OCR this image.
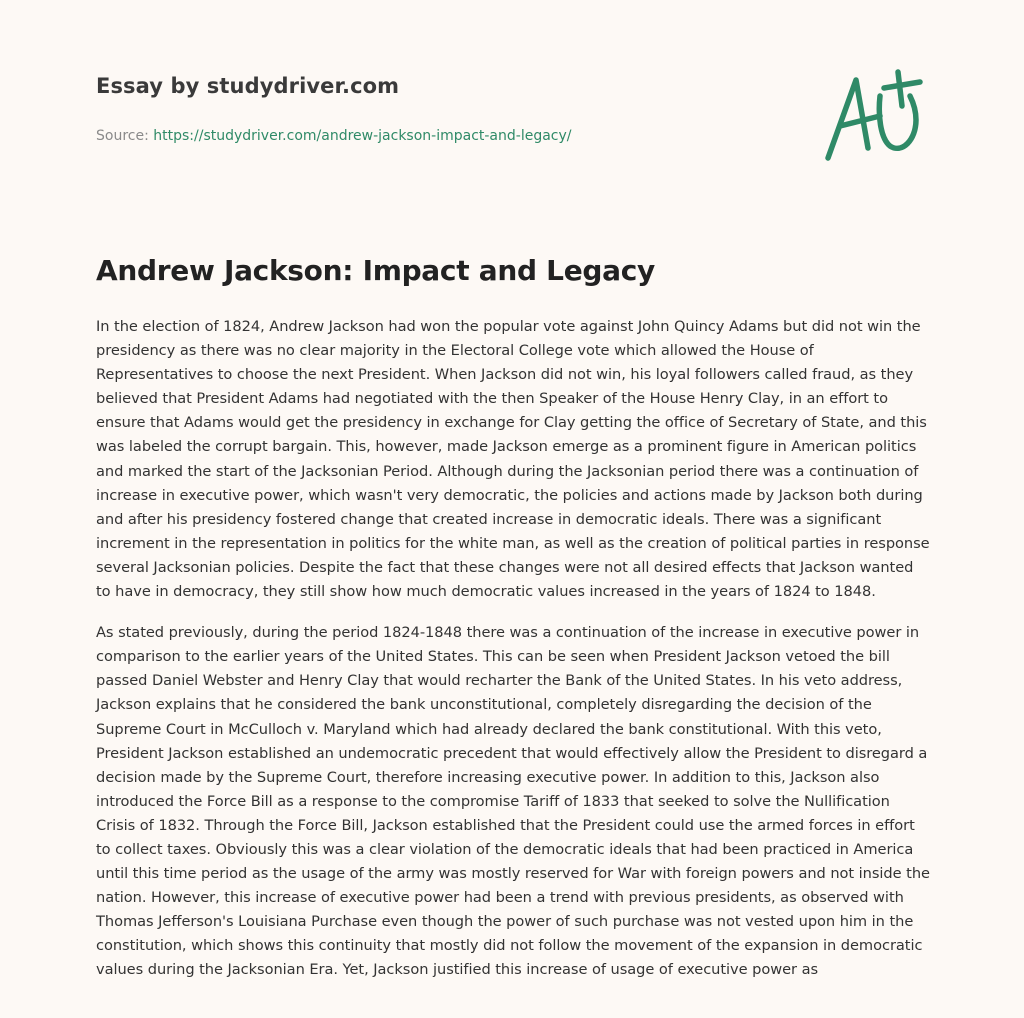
Essay by studydriver.com
Source: https://studydriver.com/andrew-jackson-impact-and-legacy/
Andrew Jackson: Impact and Legacy

In the election of 1824, Andrew Jackson had won the popular vote against John Quincy Adams but did not win the presidency as there was no clear majority in the Electoral College vote which allowed the House of Representatives to choose the next President. When Jackson did not win, his loyal followers called fraud, as they believed that President Adams had negotiated with the then Speaker of the House Henry Clay, in an effort to ensure that Adams would get the presidency in exchange for Clay getting the office of Secretary of State, and this was labeled the corrupt bargain. This, however, made Jackson emerge as a prominent figure in American politics and marked the start of the Jacksonian Period. Although during the Jacksonian period there was a continuation of increase in executive power, which wasn't very democratic, the policies and actions made by Jackson both during and after his presidency fostered change that created increase in democratic ideals. There was a significant increment in the representation in politics for the white man, as well as the creation of political parties in response several Jacksonian policies. Despite the fact that these changes were not all desired effects that Jackson wanted to have in democracy, they still show how much democratic values increased in the years of 1824 to 1848.

As stated previously, during the period 1824-1848 there was a continuation of the increase in executive power in comparison to the earlier years of the United States. This can be seen when President Jackson vetoed the bill passed Daniel Webster and Henry Clay that would recharter the Bank of the United States. In his veto address, Jackson explains that he considered the bank unconstitutional, completely disregarding the decision of the Supreme Court in McCulloch v. Maryland which had already declared the bank constitutional. With this veto, President Jackson established an undemocratic precedent that would effectively allow the President to disregard a decision made by the Supreme Court, therefore increasing executive power. In addition to this, Jackson also introduced the Force Bill as a response to the compromise Tariff of 1833 that seeked to solve the Nullification Crisis of 1832. Through the Force Bill, Jackson established that the President could use the armed forces in effort to collect taxes. Obviously this was a clear violation of the democratic ideals that had been practiced in America until this time period as the usage of the army was mostly reserved for War with foreign powers and not inside the nation. However, this increase of executive power had been a trend with previous presidents, as observed with Thomas Jefferson's Louisiana Purchase even though the power of such purchase was not vested upon him in the constitution, which shows this continuity that mostly did not follow the movement of the expansion in democratic values during the Jacksonian Era. Yet, Jackson justified this increase of usage of executive power as
